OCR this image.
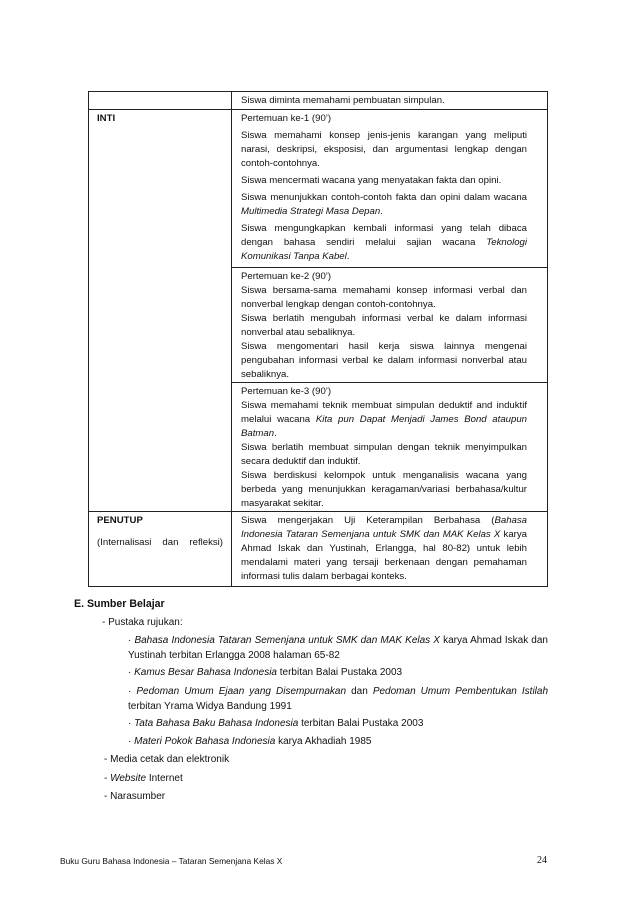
	Siswa diminta memahami pembuatan simpulan.

INTI	Pertemuan ke-1 (90’)
Siswa memahami konsep jenis-jenis karangan yang meliputi narasi, deskripsi, eksposisi, dan argumentasi lengkap dengan contoh-contohnya.
Siswa mencermati wacana yang menyatakan fakta dan opini.
Siswa menunjukkan contoh-contoh fakta dan opini dalam wacana Multimedia Strategi Masa Depan.
Siswa mengungkapkan kembali informasi yang telah dibaca dengan bahasa sendiri melalui sajian wacana Teknologi Komunikasi Tanpa Kabel.

	Pertemuan ke-2 (90’)
Siswa bersama-sama memahami konsep informasi verbal dan nonverbal lengkap dengan contoh-contohnya.
Siswa berlatih mengubah informasi verbal ke dalam informasi nonverbal atau sebaliknya.
Siswa mengomentari hasil kerja siswa lainnya mengenai pengubahan informasi verbal ke dalam informasi nonverbal atau sebaliknya.

	Pertemuan ke-3 (90’)
Siswa memahami teknik membuat simpulan deduktif and induktif melalui wacana Kita pun Dapat Menjadi James Bond ataupun Batman.
Siswa berlatih membuat simpulan dengan teknik menyimpulkan secara deduktif dan induktif.
Siswa berdiskusi kelompok untuk menganalisis wacana yang berbeda yang menunjukkan keragaman/variasi berbahasa/kultur masyarakat sekitar.

PENUTUP
(Internalisasi dan refleksi)	Siswa mengerjakan Uji Keterampilan Berbahasa (Bahasa Indonesia Tataran Semenjana untuk SMK dan MAK Kelas X karya Ahmad Iskak dan Yustinah, Erlangga, hal 80-82) untuk lebih mendalami materi yang tersaji berkenaan dengan pemahaman informasi tulis dalam berbagai konteks.
E. Sumber Belajar
- Pustaka rujukan:
· Bahasa Indonesia Tataran Semenjana untuk SMK dan MAK Kelas X karya Ahmad Iskak dan Yustinah terbitan Erlangga 2008 halaman 65-82
· Kamus Besar Bahasa Indonesia terbitan Balai Pustaka 2003
· Pedoman Umum Ejaan yang Disempurnakan dan Pedoman Umum Pembentukan Istilah terbitan Yrama Widya Bandung 1991
· Tata Bahasa Baku Bahasa Indonesia terbitan Balai Pustaka 2003
· Materi Pokok Bahasa Indonesia karya Akhadiah 1985
- Media cetak dan elektronik
- Website Internet
- Narasumber
Buku Guru Bahasa Indonesia – Tataran Semenjana Kelas X	24
